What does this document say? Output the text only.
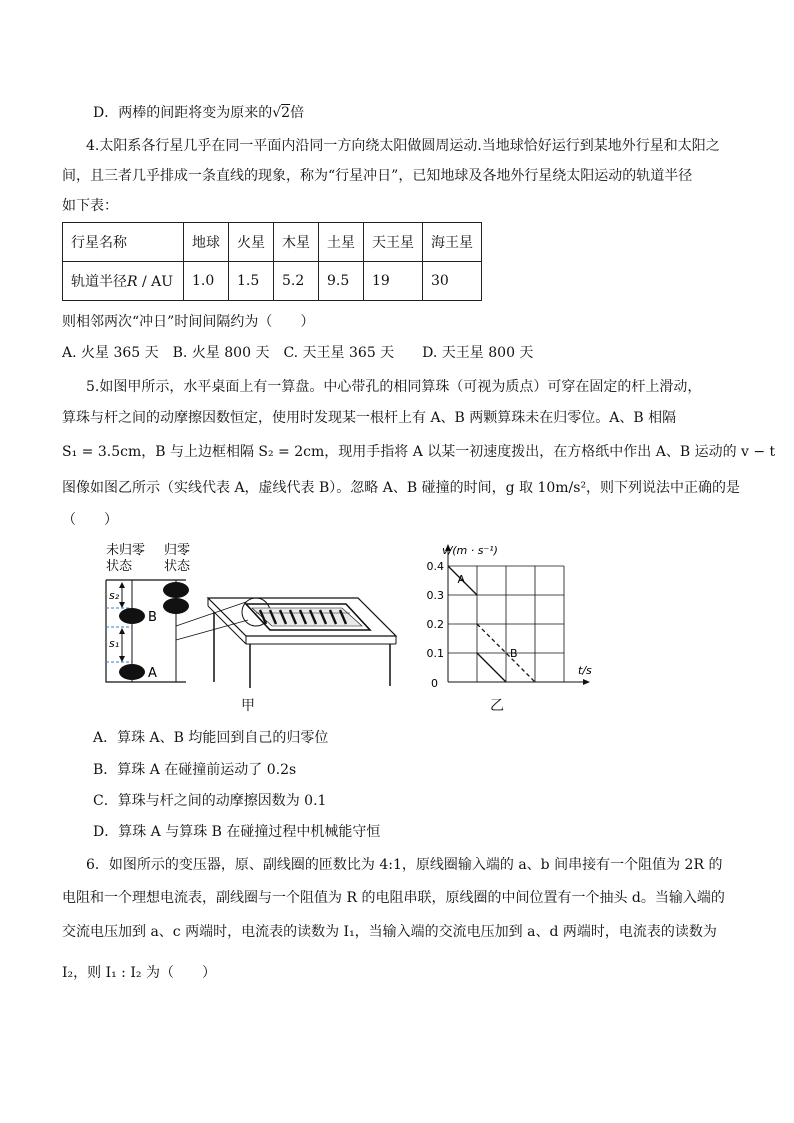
D．两棒的间距将变为原来的√2倍
4.太阳系各行星几乎在同一平面内沿同一方向绕太阳做圆周运动.当地球恰好运行到某地外行星和太阳之
间，且三者几乎排成一条直线的现象，称为“行星冲日”，已知地球及各地外行星绕太阳运动的轨道半径
如下表：
行星名称	地球	火星	木星	土星	天王星	海王星
轨道半径R / AU	1.0	1.5	5.2	9.5	19	30
则相邻两次“冲日”时间间隔约为（　　）
A. 火星 365 天　B. 火星 800 天　C. 天王星 365 天　　D. 天王星 800 天
5.如图甲所示，水平桌面上有一算盘。中心带孔的相同算珠（可视为质点）可穿在固定的杆上滑动，
算珠与杆之间的动摩擦因数恒定，使用时发现某一根杆上有 A、B 两颗算珠未在归零位。A、B 相隔
S₁ = 3.5cm，B 与上边框相隔 S₂ = 2cm，现用手指将 A 以某一初速度拨出，在方格纸中作出 A、B 运动的 v − t
图像如图乙所示（实线代表 A，虚线代表 B）。忽略 A、B 碰撞的时间，g 取 10m/s²，则下列说法中正确的是
（　　）
未归零
状态
归零
状态
s₂
s₁
B
A
甲
0.4
0.3
0.2
0.1
0
v/(m · s⁻¹)
t/s
A
B
乙
A．算珠 A、B 均能回到自己的归零位
B．算珠 A 在碰撞前运动了 0.2s
C．算珠与杆之间的动摩擦因数为 0.1
D．算珠 A 与算珠 B 在碰撞过程中机械能守恒
6．如图所示的变压器，原、副线圈的匝数比为 4:1，原线圈输入端的 a、b 间串接有一个阻值为 2R 的
电阻和一个理想电流表，副线圈与一个阻值为 R 的电阻串联，原线圈的中间位置有一个抽头 d。当输入端的
交流电压加到 a、c 两端时，电流表的读数为 I₁，当输入端的交流电压加到 a、d 两端时，电流表的读数为
I₂，则 I₁ : I₂ 为（　　）
